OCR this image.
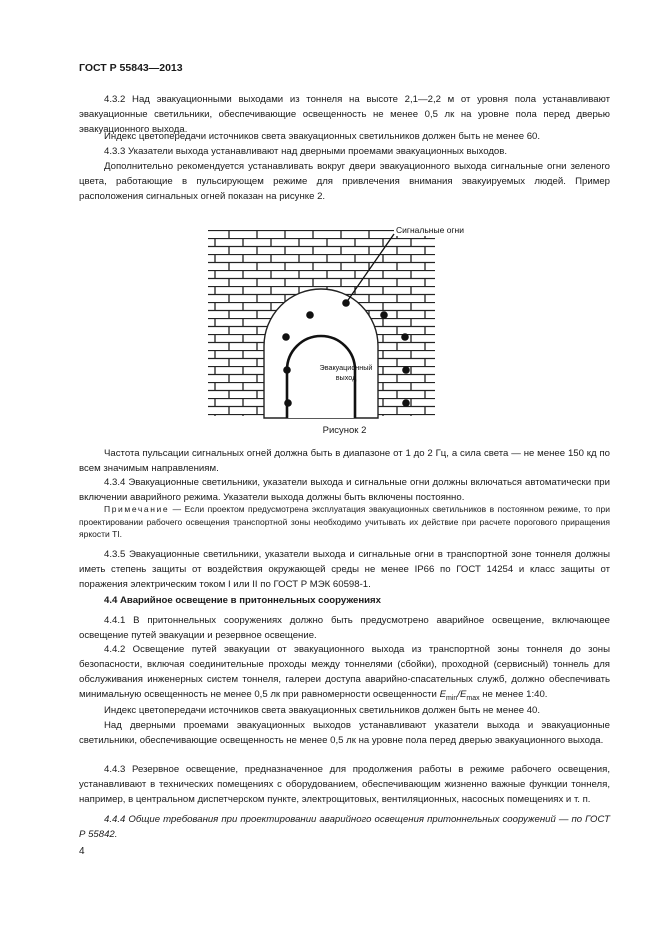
ГОСТ Р 55843—2013

4.3.2 Над эвакуационными выходами из тоннеля на высоте 2,1—2,2 м от уровня пола устанавливают эвакуационные светильники, обеспечивающие освещенность не менее 0,5 лк на уровне пола перед дверью эвакуационного выхода.

Индекс цветопередачи источников света эвакуационных светильников должен быть не менее 60.

4.3.3 Указатели выхода устанавливают над дверными проемами эвакуационных выходов.

Дополнительно рекомендуется устанавливать вокруг двери эвакуационного выхода сигнальные огни зеленого цвета, работающие в пульсирующем режиме для привлечения внимания эвакуируемых людей. Пример расположения сигнальных огней показан на рисунке 2.

Сигнальные огни
Эвакуационный
выход
Рисунок 2

Частота пульсации сигнальных огней должна быть в диапазоне от 1 до 2 Гц, а сила света — не менее 150 кд по всем значимым направлениям.

4.3.4 Эвакуационные светильники, указатели выхода и сигнальные огни должны включаться автоматически при включении аварийного режима. Указатели выхода должны быть включены постоянно.

Примечание — Если проектом предусмотрена эксплуатация эвакуационных светильников в постоянном режиме, то при проектировании рабочего освещения транспортной зоны необходимо учитывать их действие при расчете порогового приращения яркости TI.

4.3.5 Эвакуационные светильники, указатели выхода и сигнальные огни в транспортной зоне тоннеля должны иметь степень защиты от воздействия окружающей среды не менее IP66 по ГОСТ 14254 и класс защиты от поражения электрическим током I или II по ГОСТ Р МЭК 60598-1.

4.4 Аварийное освещение в притоннельных сооружениях

4.4.1 В притоннельных сооружениях должно быть предусмотрено аварийное освещение, включающее освещение путей эвакуации и резервное освещение.

4.4.2 Освещение путей эвакуации от эвакуационного выхода из транспортной зоны тоннеля до зоны безопасности, включая соединительные проходы между тоннелями (сбойки), проходной (сервисный) тоннель для обслуживания инженерных систем тоннеля, галереи доступа аварийно-спасательных служб, должно обеспечивать минимальную освещенность не менее 0,5 лк при равномерности освещенности $E_{min}/E_{max}$ не менее 1:40.

Индекс цветопередачи источников света эвакуационных светильников должен быть не менее 40.

Над дверными проемами эвакуационных выходов устанавливают указатели выхода и эвакуационные светильники, обеспечивающие освещенность не менее 0,5 лк на уровне пола перед дверью эвакуационного выхода.

4.4.3 Резервное освещение, предназначенное для продолжения работы в режиме рабочего освещения, устанавливают в технических помещениях с оборудованием, обеспечивающим жизненно важные функции тоннеля, например, в центральном диспетчерском пункте, электрощитовых, вентиляционных, насосных помещениях и т. п.

4.4.4 Общие требования при проектировании аварийного освещения притоннельных сооружений — по ГОСТ Р 55842.

4
